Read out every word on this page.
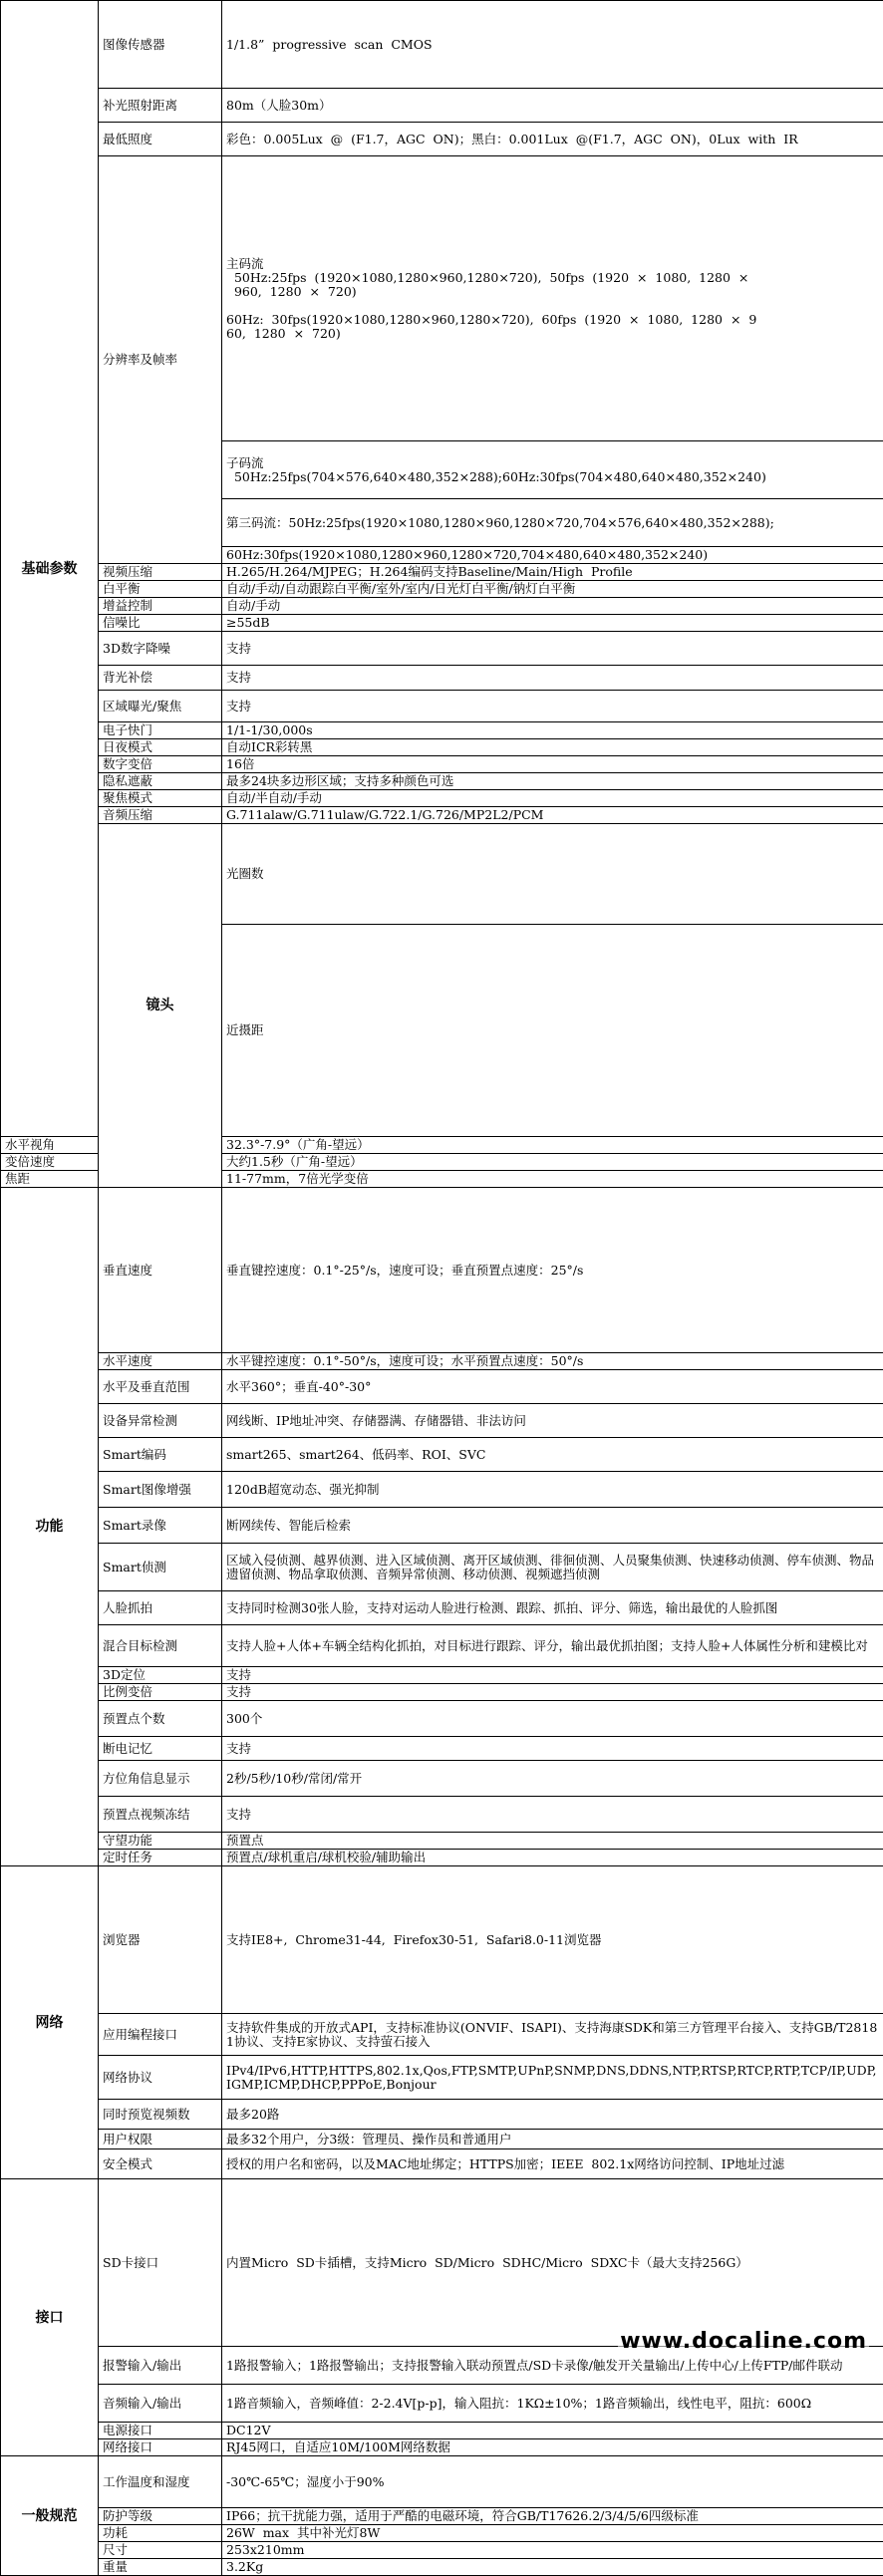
基础参数	图像传感器	1/1.8”  progressive  scan  CMOS	
	补光照射距离	80m（人脸30m）	
	最低照度	彩色：0.005Lux  @  (F1.7，AGC  ON)；黑白：0.001Lux  @(F1.7，AGC  ON)，0Lux  with  IR	
	分辨率及帧率	主码流
50Hz:25fps  (1920×1080,1280×960,1280×720),  50fps  (1920  ×  1080,  1280  ×
960,  1280  ×  720)

60Hz:  30fps(1920×1080,1280×960,1280×720),  60fps  (1920  ×  1080,  1280  ×  9
60,  1280  ×  720)	
		子码流
50Hz:25fps(704×576,640×480,352×288);60Hz:30fps(704×480,640×480,352×240)	
		第三码流：50Hz:25fps(1920×1080,1280×960,1280×720,704×576,640×480,352×288);	
		60Hz:30fps(1920×1080,1280×960,1280×720,704×480,640×480,352×240)	
	视频压缩	H.265/H.264/MJPEG；H.264编码支持Baseline/Main/High  Profile	
	白平衡	自动/手动/自动跟踪白平衡/室外/室内/日光灯白平衡/钠灯白平衡	
	增益控制	自动/手动	
	信噪比	≥55dB	
	3D数字降噪	支持	
	背光补偿	支持	
	区域曝光/聚焦	支持	
	电子快门	1/1-1/30,000s	
	日夜模式	自动ICR彩转黑	
	数字变倍	16倍	
	隐私遮蔽	最多24块多边形区域；支持多种颜色可选	
	聚焦模式	自动/半自动/手动	
	音频压缩	G.711alaw/G.711ulaw/G.722.1/G.726/MP2L2/PCM	
	镜头	光圈数	
		近摄距	
水平视角		32.3°-7.9°（广角-望远）	
变倍速度		大约1.5秒（广角-望远）	
焦距		11-77mm，7倍光学变倍	
功能	垂直速度	垂直键控速度：0.1°-25°/s，速度可设；垂直预置点速度：25°/s	
	水平速度	水平键控速度：0.1°-50°/s，速度可设；水平预置点速度：50°/s	
	水平及垂直范围	水平360°；垂直-40°-30°	
	设备异常检测	网线断、IP地址冲突、存储器满、存储器错、非法访问	
	Smart编码	smart265、smart264、低码率、ROI、SVC	
	Smart图像增强	120dB超宽动态、强光抑制	
	Smart录像	断网续传、智能后检索	
	Smart侦测	区域入侵侦测、越界侦测、进入区域侦测、离开区域侦测、徘徊侦测、人员聚集侦测、快速移动侦测、停车侦测、物品遗留侦测、物品拿取侦测、音频异常侦测、移动侦测、视频遮挡侦测	
	人脸抓拍	支持同时检测30张人脸，支持对运动人脸进行检测、跟踪、抓拍、评分、筛选，输出最优的人脸抓图	
	混合目标检测	支持人脸+人体+车辆全结构化抓拍，对目标进行跟踪、评分，输出最优抓拍图；支持人脸+人体属性分析和建模比对	
	3D定位	支持	
	比例变倍	支持	
	预置点个数	300个	
	断电记忆	支持	
	方位角信息显示	2秒/5秒/10秒/常闭/常开	
	预置点视频冻结	支持	
	守望功能	预置点	
	定时任务	预置点/球机重启/球机校验/辅助输出	
网络	浏览器	支持IE8+,  Chrome31-44,  Firefox30-51,  Safari8.0-11浏览器	
	应用编程接口	支持软件集成的开放式API，支持标准协议(ONVIF、ISAPI)、支持海康SDK和第三方管理平台接入、支持GB/T28181协议、支持E家协议、支持萤石接入	
	网络协议	IPv4/IPv6,HTTP,HTTPS,802.1x,Qos,FTP,SMTP,UPnP,SNMP,DNS,DDNS,NTP,RTSP,RTCP,RTP,TCP/IP,UDP,IGMP,ICMP,DHCP,PPPoE,Bonjour	
	同时预览视频数	最多20路	
	用户权限	最多32个用户，分3级：管理员、操作员和普通用户	
	安全模式	授权的用户名和密码，以及MAC地址绑定；HTTPS加密；IEEE  802.1x网络访问控制、IP地址过滤	
接口	SD卡接口	内置Micro  SD卡插槽，支持Micro  SD/Micro  SDHC/Micro  SDXC卡（最大支持256G）	
	报警输入/输出	1路报警输入；1路报警输出；支持报警输入联动预置点/SD卡录像/触发开关量输出/上传中心/上传FTP/邮件联动	
	音频输入/输出	1路音频输入，音频峰值：2-2.4V[p-p]，输入阻抗：1KΩ±10%；1路音频输出，线性电平，阻抗：600Ω	
	电源接口	DC12V	
	网络接口	RJ45网口，自适应10M/100M网络数据	
一般规范	工作温度和湿度	-30℃-65℃；湿度小于90%	
	防护等级	IP66；抗干扰能力强，适用于严酷的电磁环境，符合GB/T17626.2/3/4/5/6四级标准	
	功耗	26W  max  其中补光灯8W	
	尺寸	253x210mm	
	重量	3.2Kg	
www.docaline.com
